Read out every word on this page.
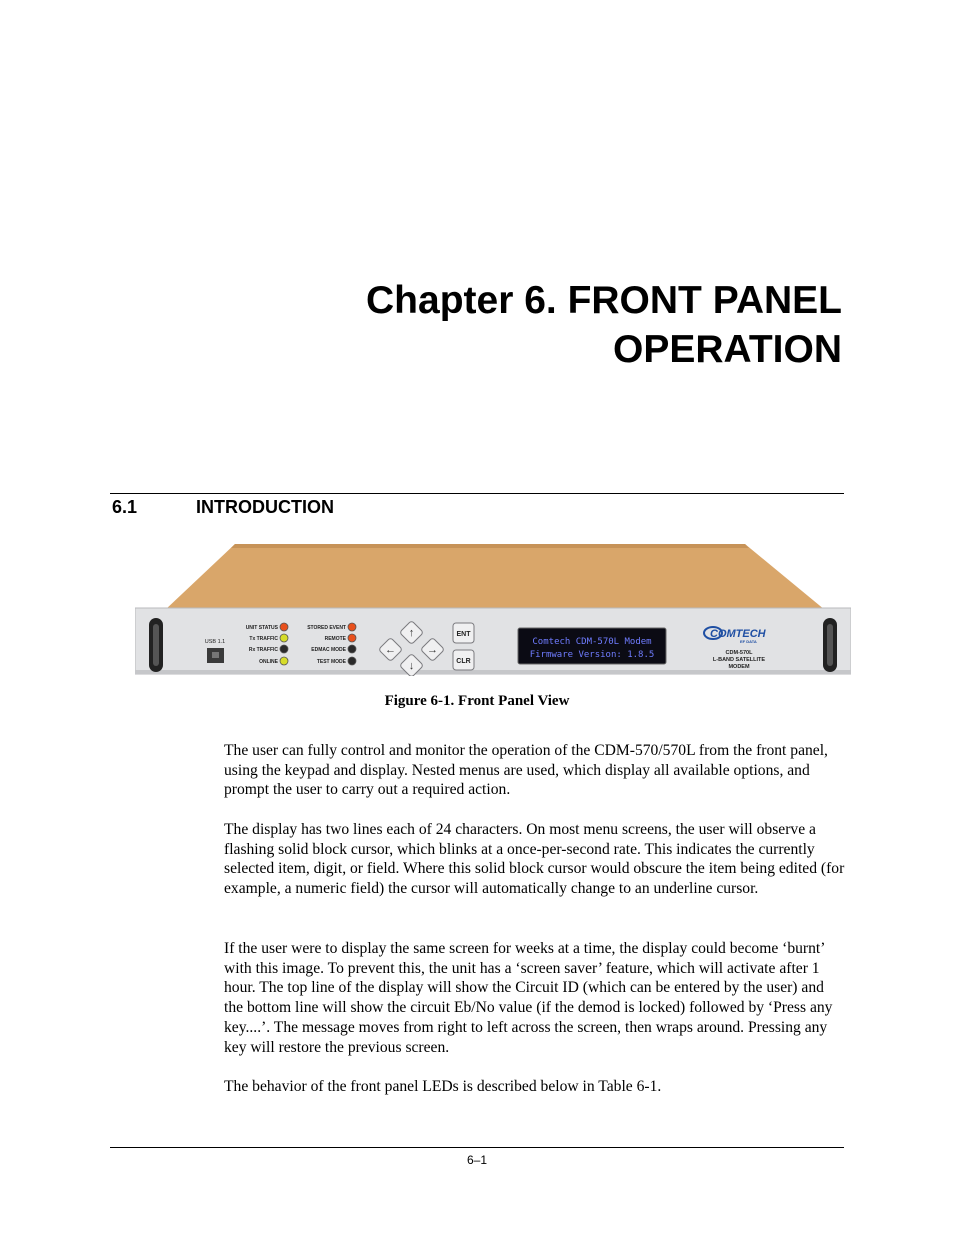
Chapter 6. FRONT PANEL
OPERATION
6.1	INTRODUCTION
USB 1.1
UNIT STATUS
Tx TRAFFIC
Rx TRAFFIC
ONLINE
STORED EVENT
REMOTE
EDMAC MODE
TEST MODE
↑
←	→
↓
ENT
CLR
Comtech CDM-570L Modem
Firmware Version: 1.8.5
COMTECH
EF DATA
CDM-570L
L-BAND SATELLITE
MODEM
Figure 6-1. Front Panel View

The user can fully control and monitor the operation of the CDM-570/570L from the front panel, using the keypad and display. Nested menus are used, which display all available options, and prompt the user to carry out a required action.

The display has two lines each of 24 characters. On most menu screens, the user will observe a flashing solid block cursor, which blinks at a once-per-second rate. This indicates the currently selected item, digit, or field. Where this solid block cursor would obscure the item being edited (for example, a numeric field) the cursor will automatically change to an underline cursor.

If the user were to display the same screen for weeks at a time, the display could become ‘burnt’ with this image. To prevent this, the unit has a ‘screen saver’ feature, which will activate after 1 hour. The top line of the display will show the Circuit ID (which can be entered by the user) and the bottom line will show the circuit Eb/No value (if the demod is locked) followed by ‘Press any key....’. The message moves from right to left across the screen, then wraps around. Pressing any key will restore the previous screen.

The behavior of the front panel LEDs is described below in Table 6-1.

6–1
